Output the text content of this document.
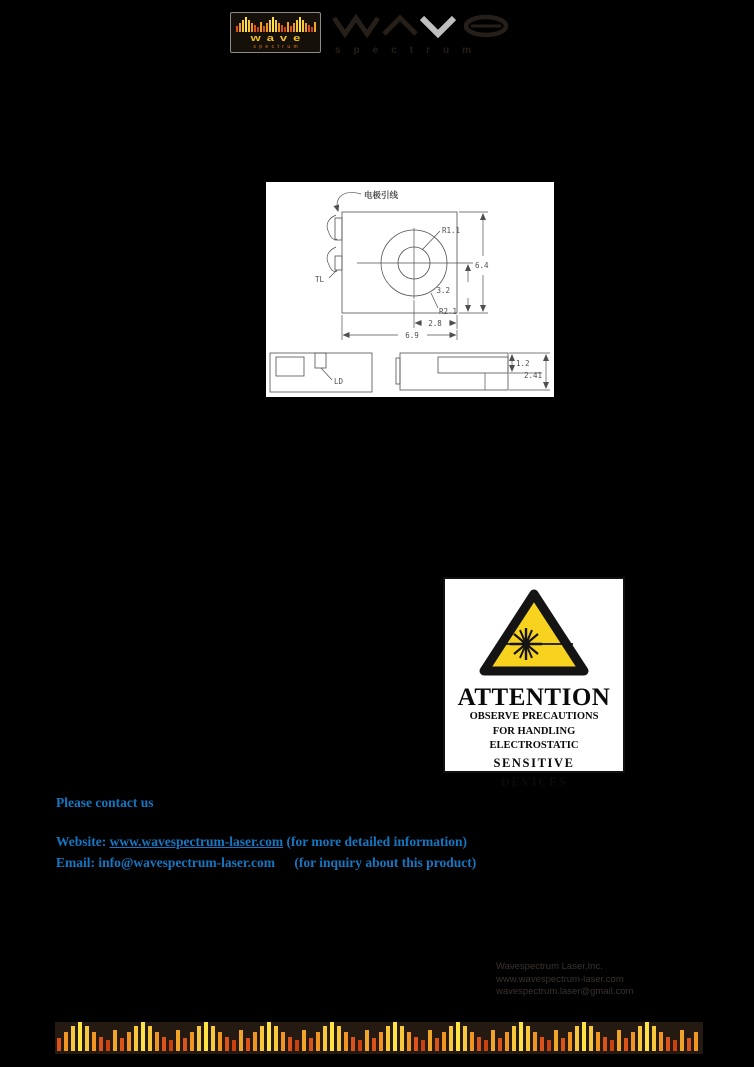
wave
spectrum	spectrum
电极引线
TL
R1.1
R2.1
6.4
3.2
2.8
6.9
LD
1.2
2.41
ATTENTION
OBSERVE PRECAUTIONS
FOR HANDLING
ELECTROSTATIC
SENSITIVE
DEVICES
Please contact us
Website: www.wavespectrum-laser.com (for more detailed information)
Email: info@wavespectrum-laser.com (for inquiry about this product)
Wavespectrum Laser,Inc.
www.wavespectrum-laser.com
wavespectrum.laser@gmail.com
